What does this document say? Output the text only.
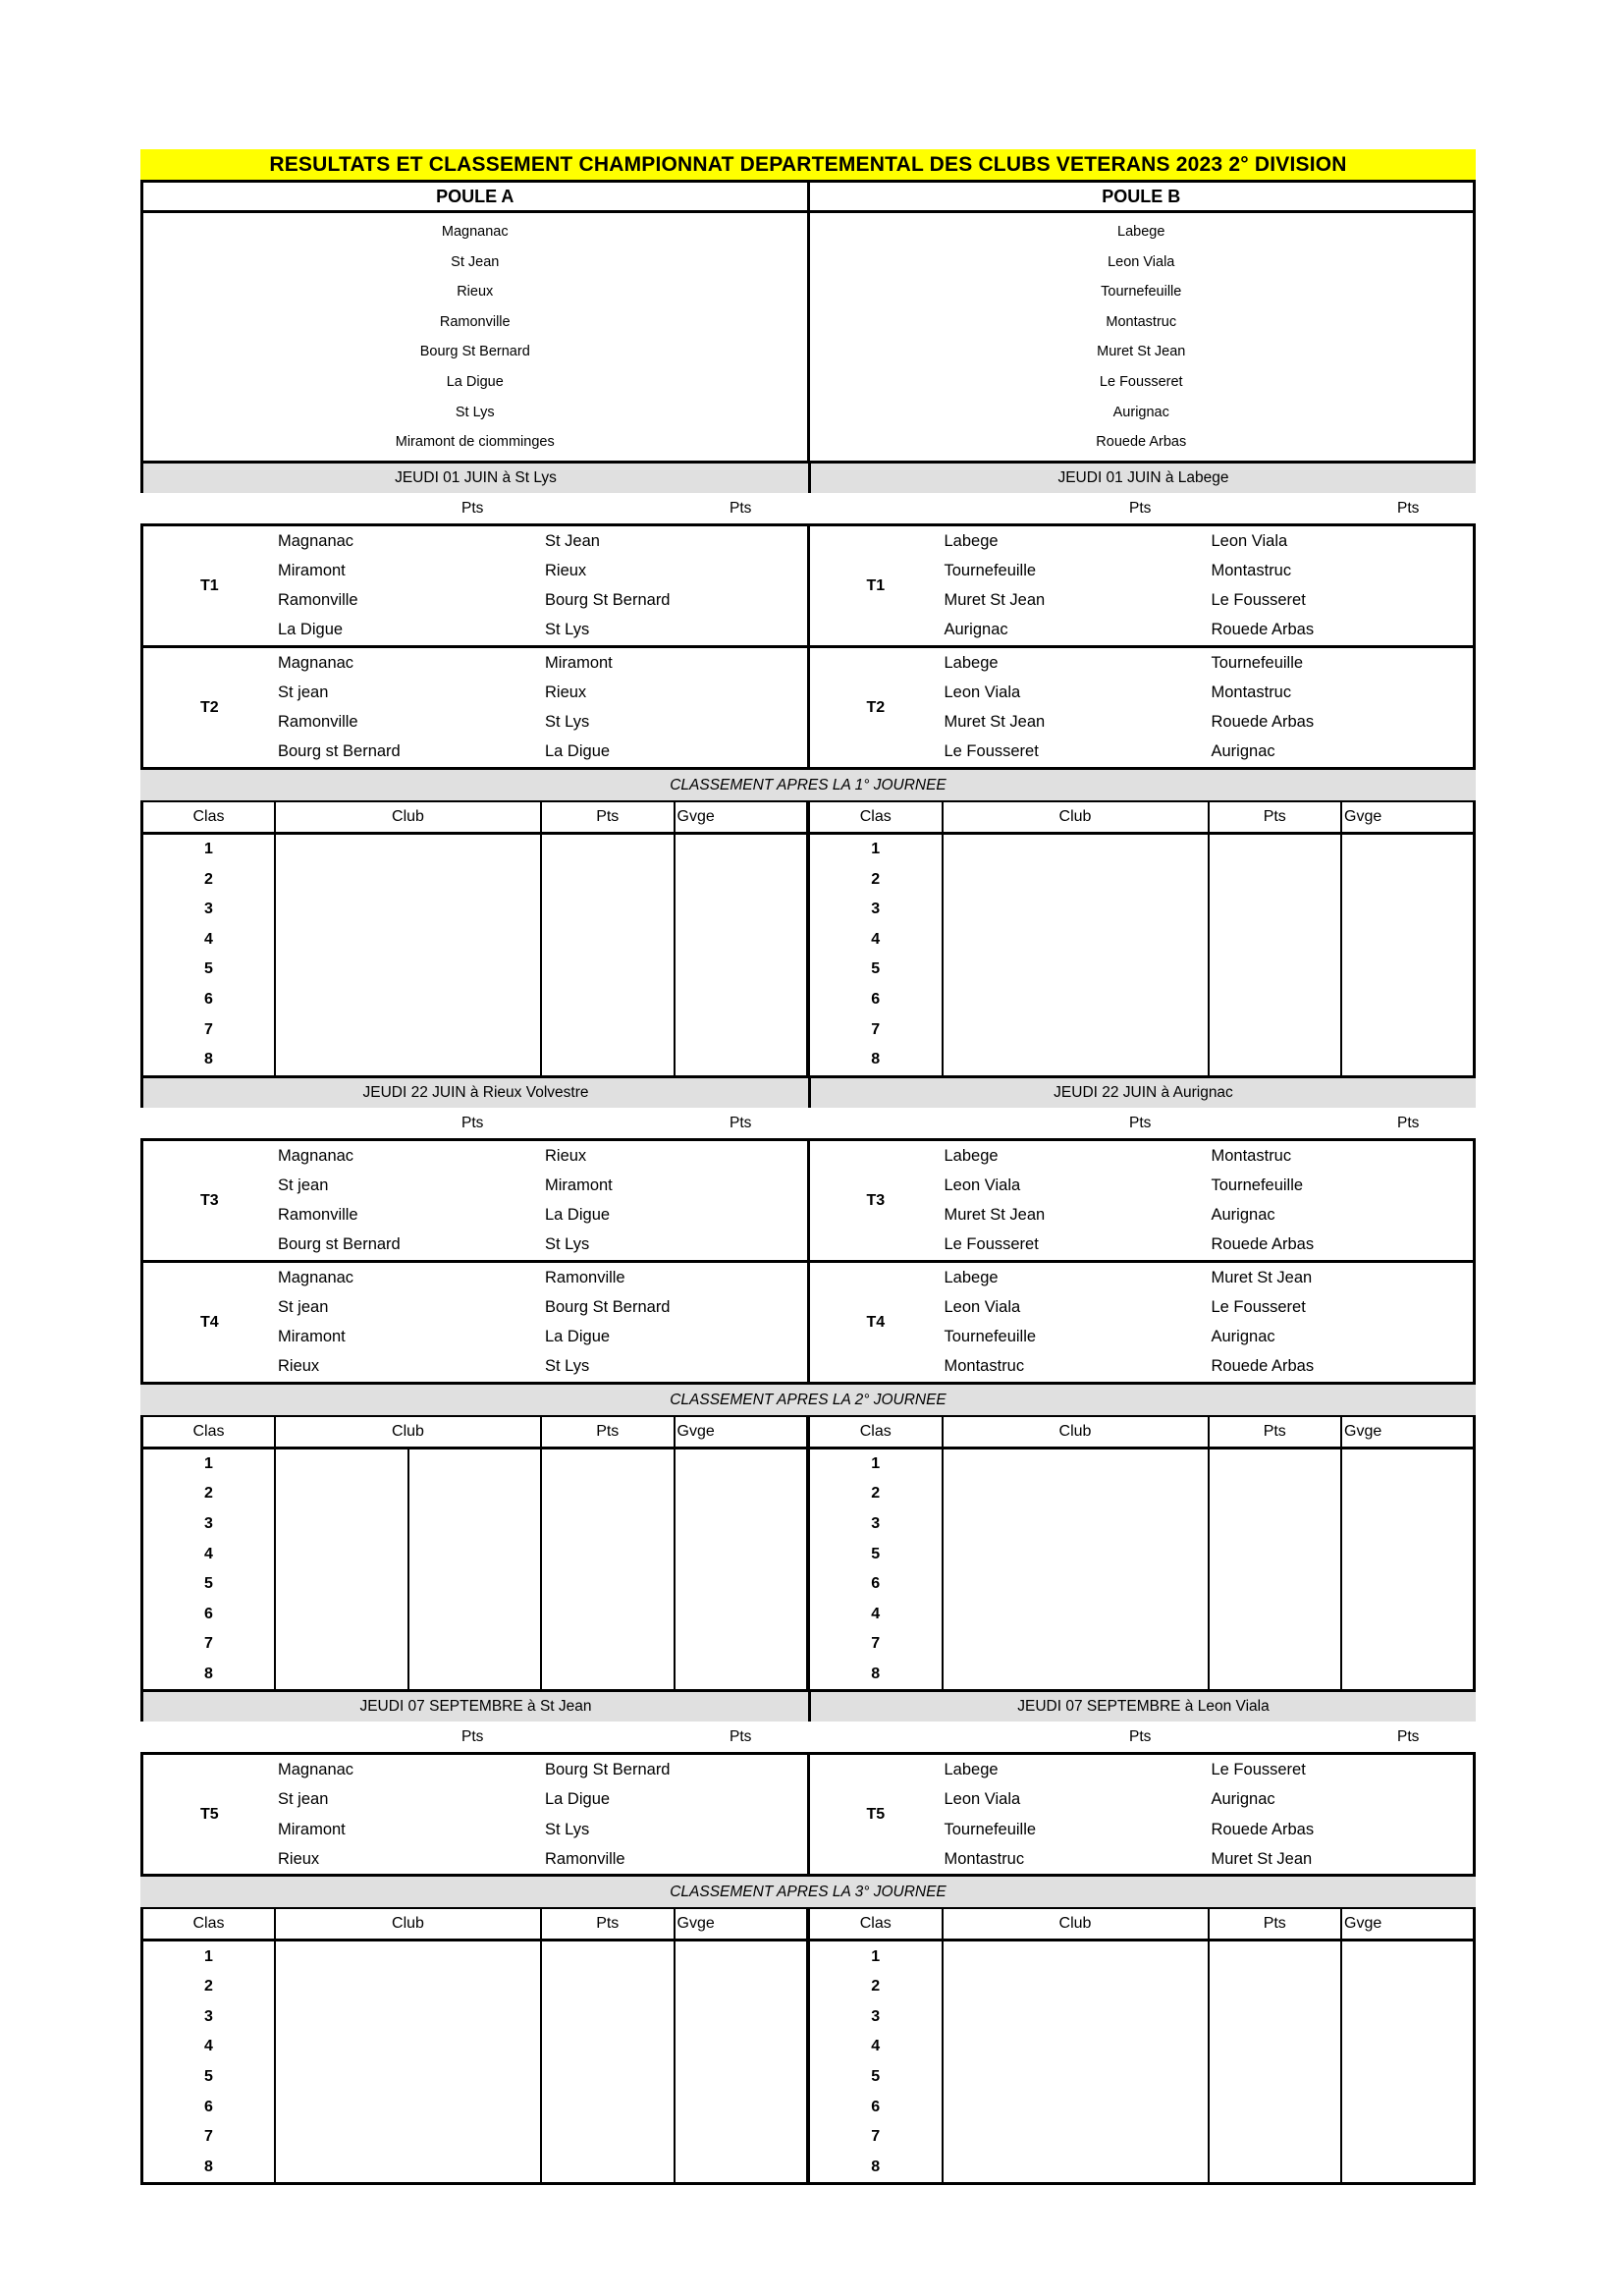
RESULTATS ET CLASSEMENT CHAMPIONNAT DEPARTEMENTAL DES CLUBS VETERANS 2023 2° DIVISION
POULE A	POULE B
Magnanac
St Jean
Rieux
Ramonville
Bourg St Bernard
La Digue
St Lys
Miramont de ciomminges
Labege
Leon Viala
Tournefeuille
Montastruc
Muret St Jean
Le Fousseret
Aurignac
Rouede Arbas
JEUDI 01 JUIN à St Lys	JEUDI 01 JUIN à Labege
Pts	Pts	Pts	Pts
T1
Magnanac	St Jean
Miramont	Rieux
Ramonville	Bourg St Bernard
La Digue	St Lys
T1
Labege	Leon Viala
Tournefeuille	Montastruc
Muret St Jean	Le Fousseret
Aurignac	Rouede Arbas
T2
Magnanac	Miramont
St jean	Rieux
Ramonville	St Lys
Bourg st Bernard	La Digue
T2
Labege	Tournefeuille
Leon Viala	Montastruc
Muret St Jean	Rouede Arbas
Le Fousseret	Aurignac
CLASSEMENT APRES LA 1° JOURNEE
Clas	Club	Pts	Gvge
1			
2			
3			
4			
5			
6			
7			
8			
Clas	Club	Pts	Gvge
1			
2			
3			
4			
5			
6			
7			
8			
JEUDI 22 JUIN à Rieux Volvestre	JEUDI 22 JUIN à Aurignac
Pts	Pts	Pts	Pts
T3
Magnanac	Rieux
St jean	Miramont
Ramonville	La Digue
Bourg st Bernard	St Lys
T3
Labege	Montastruc
Leon Viala	Tournefeuille
Muret St Jean	Aurignac
Le Fousseret	Rouede Arbas
T4
Magnanac	Ramonville
St jean	Bourg St Bernard
Miramont	La Digue
Rieux	St Lys
T4
Labege	Muret St Jean
Leon Viala	Le Fousseret
Tournefeuille	Aurignac
Montastruc	Rouede Arbas
CLASSEMENT APRES LA 2° JOURNEE
Clas	Club		Pts	Gvge
1				
2				
3				
4				
5				
6				
7				
8				
Clas	Club	Pts	Gvge
1			
2			
3			
5			
6			
4			
7			
8			
JEUDI 07 SEPTEMBRE à St Jean	JEUDI 07 SEPTEMBRE à Leon Viala
Pts	Pts	Pts	Pts
T5
Magnanac	Bourg St Bernard
St jean	La Digue
Miramont	St Lys
Rieux	Ramonville
T5
Labege	Le Fousseret
Leon Viala	Aurignac
Tournefeuille	Rouede Arbas
Montastruc	Muret St Jean
CLASSEMENT APRES LA 3° JOURNEE
Clas	Club	Pts	Gvge
1			
2			
3			
4			
5			
6			
7			
8			
Clas	Club	Pts	Gvge
1			
2			
3			
4			
5			
6			
7			
8			
